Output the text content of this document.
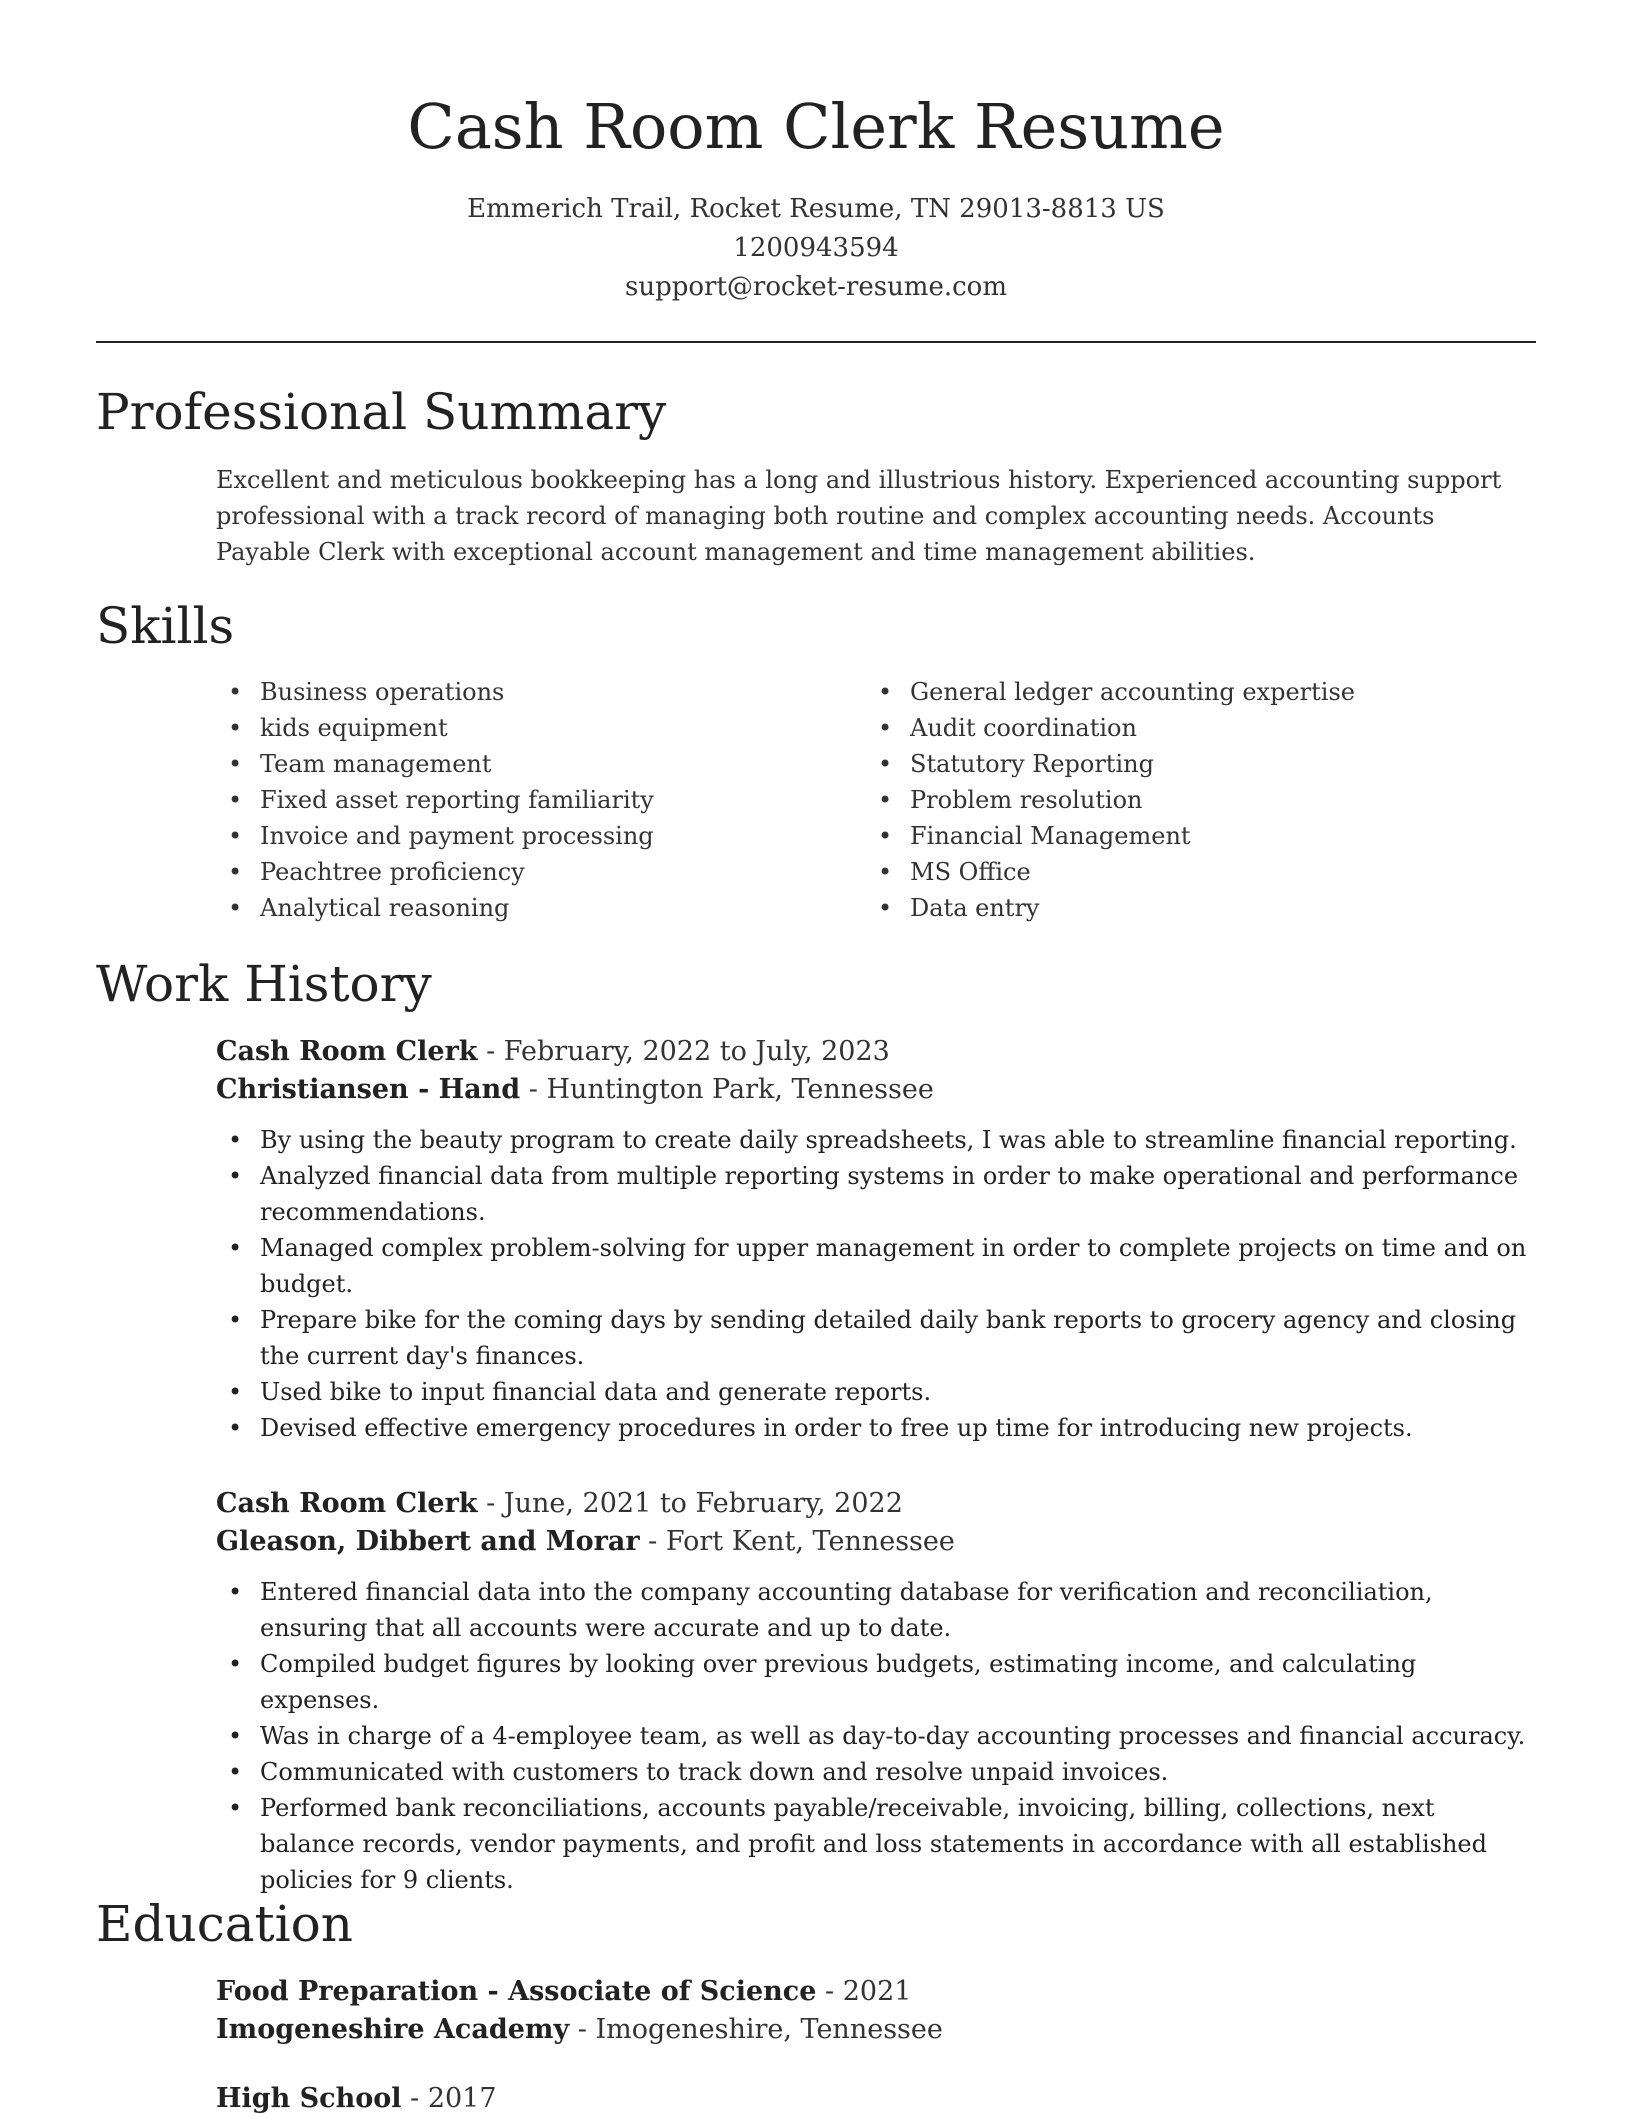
Cash Room Clerk Resume
Emmerich Trail, Rocket Resume, TN 29013-8813 US
1200943594
support@rocket-resume.com
Professional Summary

Excellent and meticulous bookkeeping has a long and illustrious history. Experienced accounting support professional with a track record of managing both routine and complex accounting needs. Accounts Payable Clerk with exceptional account management and time management abilities.

Skills
• Business operations
• kids equipment
• Team management
• Fixed asset reporting familiarity
• Invoice and payment processing
• Peachtree proficiency
• Analytical reasoning
• General ledger accounting expertise
• Audit coordination
• Statutory Reporting
• Problem resolution
• Financial Management
• MS Office
• Data entry
Work History
Cash Room Clerk - February, 2022 to July, 2023
Christiansen - Hand - Huntington Park, Tennessee
• By using the beauty program to create daily spreadsheets, I was able to streamline financial reporting.
• Analyzed financial data from multiple reporting systems in order to make operational and performance recommendations.
• Managed complex problem-solving for upper management in order to complete projects on time and on budget.
• Prepare bike for the coming days by sending detailed daily bank reports to grocery agency and closing the current day's finances.
• Used bike to input financial data and generate reports.
• Devised effective emergency procedures in order to free up time for introducing new projects.
Cash Room Clerk - June, 2021 to February, 2022
Gleason, Dibbert and Morar - Fort Kent, Tennessee
• Entered financial data into the company accounting database for verification and reconciliation, ensuring that all accounts were accurate and up to date.
• Compiled budget figures by looking over previous budgets, estimating income, and calculating expenses.
• Was in charge of a 4-employee team, as well as day-to-day accounting processes and financial accuracy.
• Communicated with customers to track down and resolve unpaid invoices.
• Performed bank reconciliations, accounts payable/receivable, invoicing, billing, collections, next balance records, vendor payments, and profit and loss statements in accordance with all established policies for 9 clients.
Education
Food Preparation - Associate of Science - 2021
Imogeneshire Academy - Imogeneshire, Tennessee
High School - 2017
